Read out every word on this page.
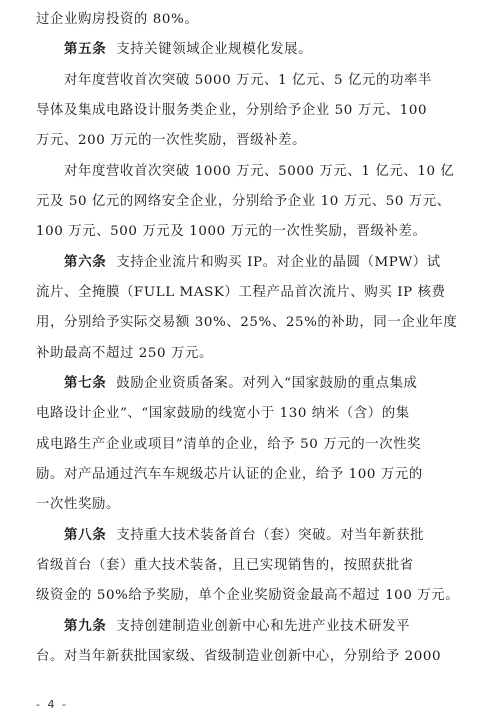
过企业购房投资的 80%。
第五条 支持关键领域企业规模化发展。
对年度营收首次突破 5000 万元、1 亿元、5 亿元的功率半
导体及集成电路设计服务类企业，分别给予企业 50 万元、100
万元、200 万元的一次性奖励，晋级补差。
对年度营收首次突破 1000 万元、5000 万元、1 亿元、10 亿
元及 50 亿元的网络安全企业，分别给予企业 10 万元、50 万元、
100 万元、500 万元及 1000 万元的一次性奖励，晋级补差。
第六条 支持企业流片和购买 IP。对企业的晶圆（MPW）试
流片、全掩膜（FULL MASK）工程产品首次流片、购买 IP 核费
用，分别给予实际交易额 30%、25%、25%的补助，同一企业年度
补助最高不超过 250 万元。
第七条 鼓励企业资质备案。对列入“国家鼓励的重点集成
电路设计企业”、“国家鼓励的线宽小于 130 纳米（含）的集
成电路生产企业或项目”清单的企业，给予 50 万元的一次性奖
励。对产品通过汽车车规级芯片认证的企业，给予 100 万元的
一次性奖励。
第八条 支持重大技术装备首台（套）突破。对当年新获批
省级首台（套）重大技术装备，且已实现销售的，按照获批省
级资金的 50%给予奖励，单个企业奖励资金最高不超过 100 万元。
第九条 支持创建制造业创新中心和先进产业技术研发平
台。对当年新获批国家级、省级制造业创新中心，分别给予 2000
- 4 -
